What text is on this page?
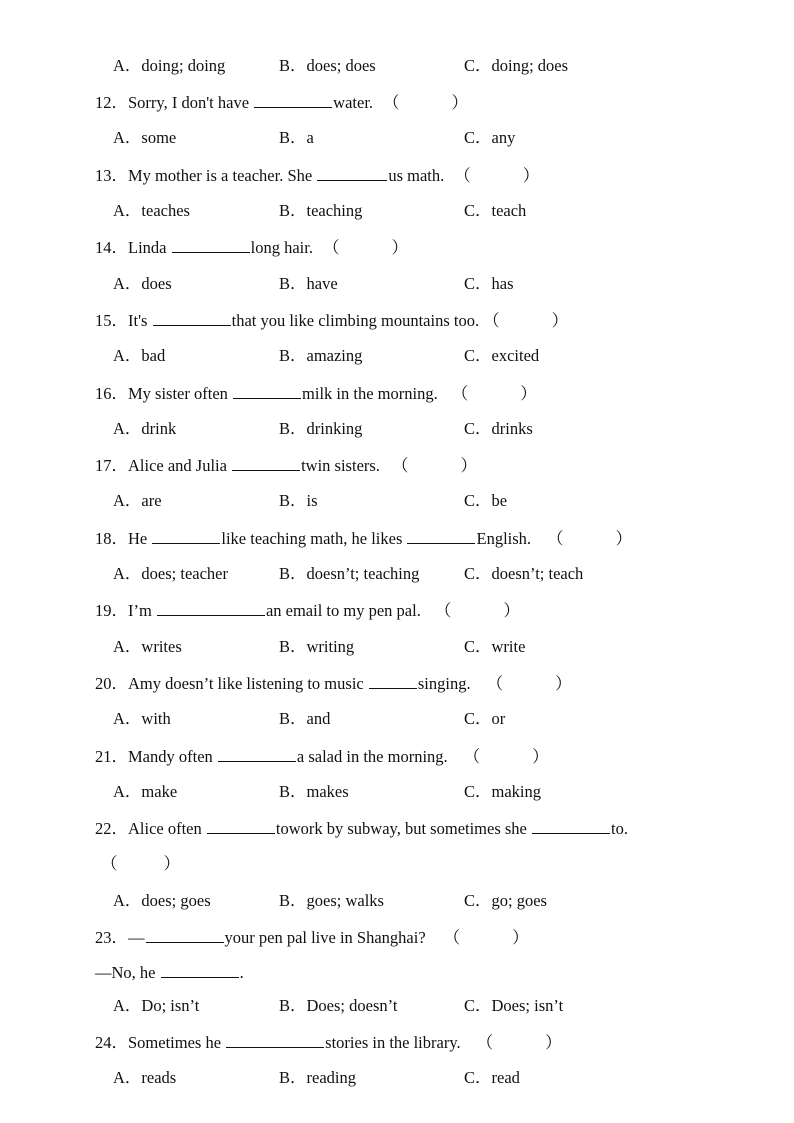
A．doing; doing	B．does; does	C．doing; does
12．Sorry, I don't have	water. （	）
A．some	B．a	C．any
13．My mother is a teacher. She	us math. （	）
A．teaches	B．teaching	C．teach
14．Linda	long hair. （	）
A．does	B．have	C．has
15．It's	that you like climbing mountains too. （	）
A．bad	B．amazing	C．excited
16．My sister often	milk in the morning. （	）
A．drink	B．drinking	C．drinks
17．Alice and Julia	twin sisters. （	）
A．are	B．is	C．be
18．He	like teaching math, he likes	English. （	）
A．does; teacher	B．doesn’t; teaching	C．doesn’t; teach
19．I’m	an email to my pen pal. （	）
A．writes	B．writing	C．write
20．Amy doesn’t like listening to music	singing. （	）
A．with	B．and	C．or
21．Mandy often	a salad in the morning. （	）
A．make	B．makes	C．making
22．Alice often	towork by subway, but sometimes she	to.
（	）
A．does; goes	B．goes; walks	C．go; goes
23．—	your pen pal live in Shanghai? （	）
—No, he	.
A．Do; isn’t	B．Does; doesn’t	C．Does; isn’t
24．Sometimes he	stories in the library. （	）
A．reads	B．reading	C．read
